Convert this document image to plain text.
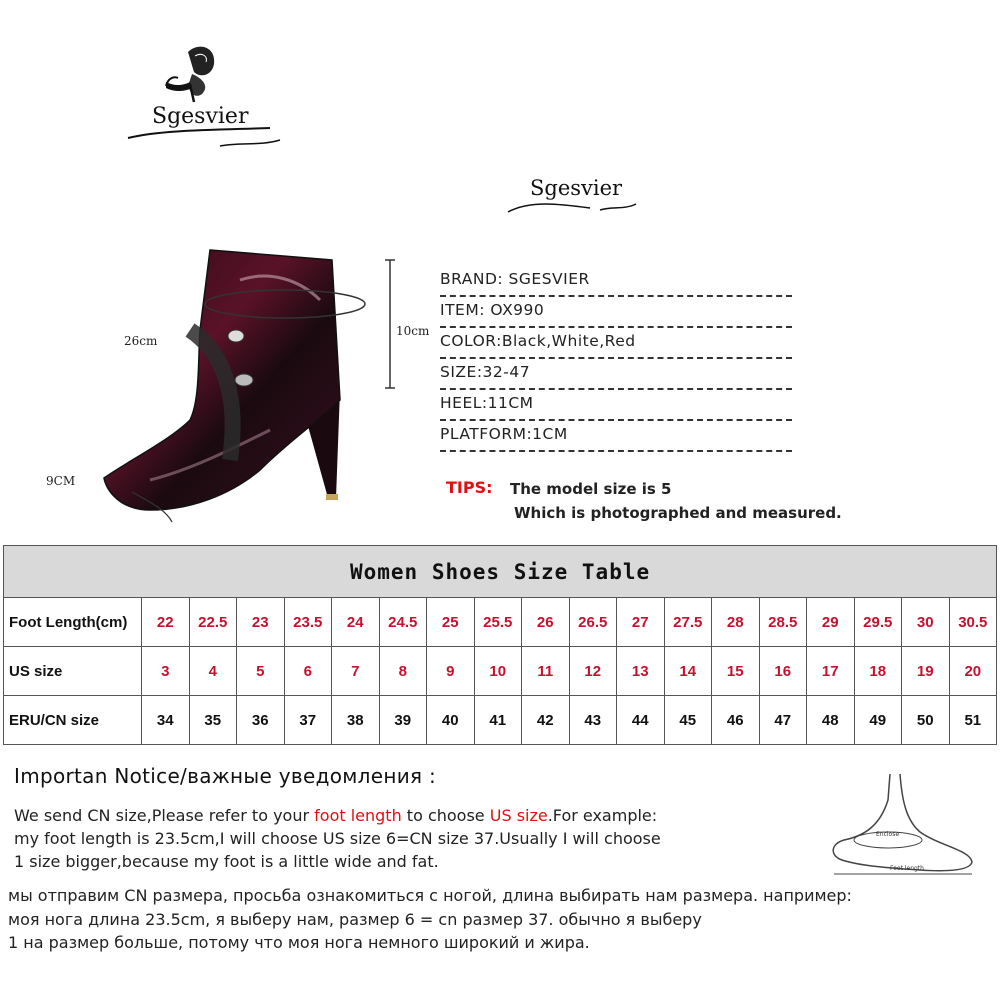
Sgesvier
Sgesvier
26cm
10cm
9CM
BRAND: SGESVIER
ITEM: OX990
COLOR:Black,White,Red
SIZE:32-47
HEEL:11CM
PLATFORM:1CM
TIPS: The model size is 5
Which is photographed and measured.
Women Shoes Size Table																		
Foot Length(cm)	22	22.5	23	23.5	24	24.5	25	25.5	26	26.5	27	27.5	28	28.5	29	29.5	30	30.5
US size	3	4	5	6	7	8	9	10	11	12	13	14	15	16	17	18	19	20
ERU/CN size	34	35	36	37	38	39	40	41	42	43	44	45	46	47	48	49	50	51
Importan Notice/важные уведомления :
We send CN size,Please refer to your foot length to choose US size.For example:
my foot length is 23.5cm,I will choose US size 6=CN size 37.Usually I will choose
1 size bigger,because my foot is a little wide and fat.
мы отправим CN размера, просьба ознакомиться с ногой, длина выбирать нам размера. например:
моя нога длина 23.5cm, я выберу нам, размер 6 = cn размер 37. обычно я выберу
1 на размер больше, потому что моя нога немного широкий и жира.
Enclose
Foot length
